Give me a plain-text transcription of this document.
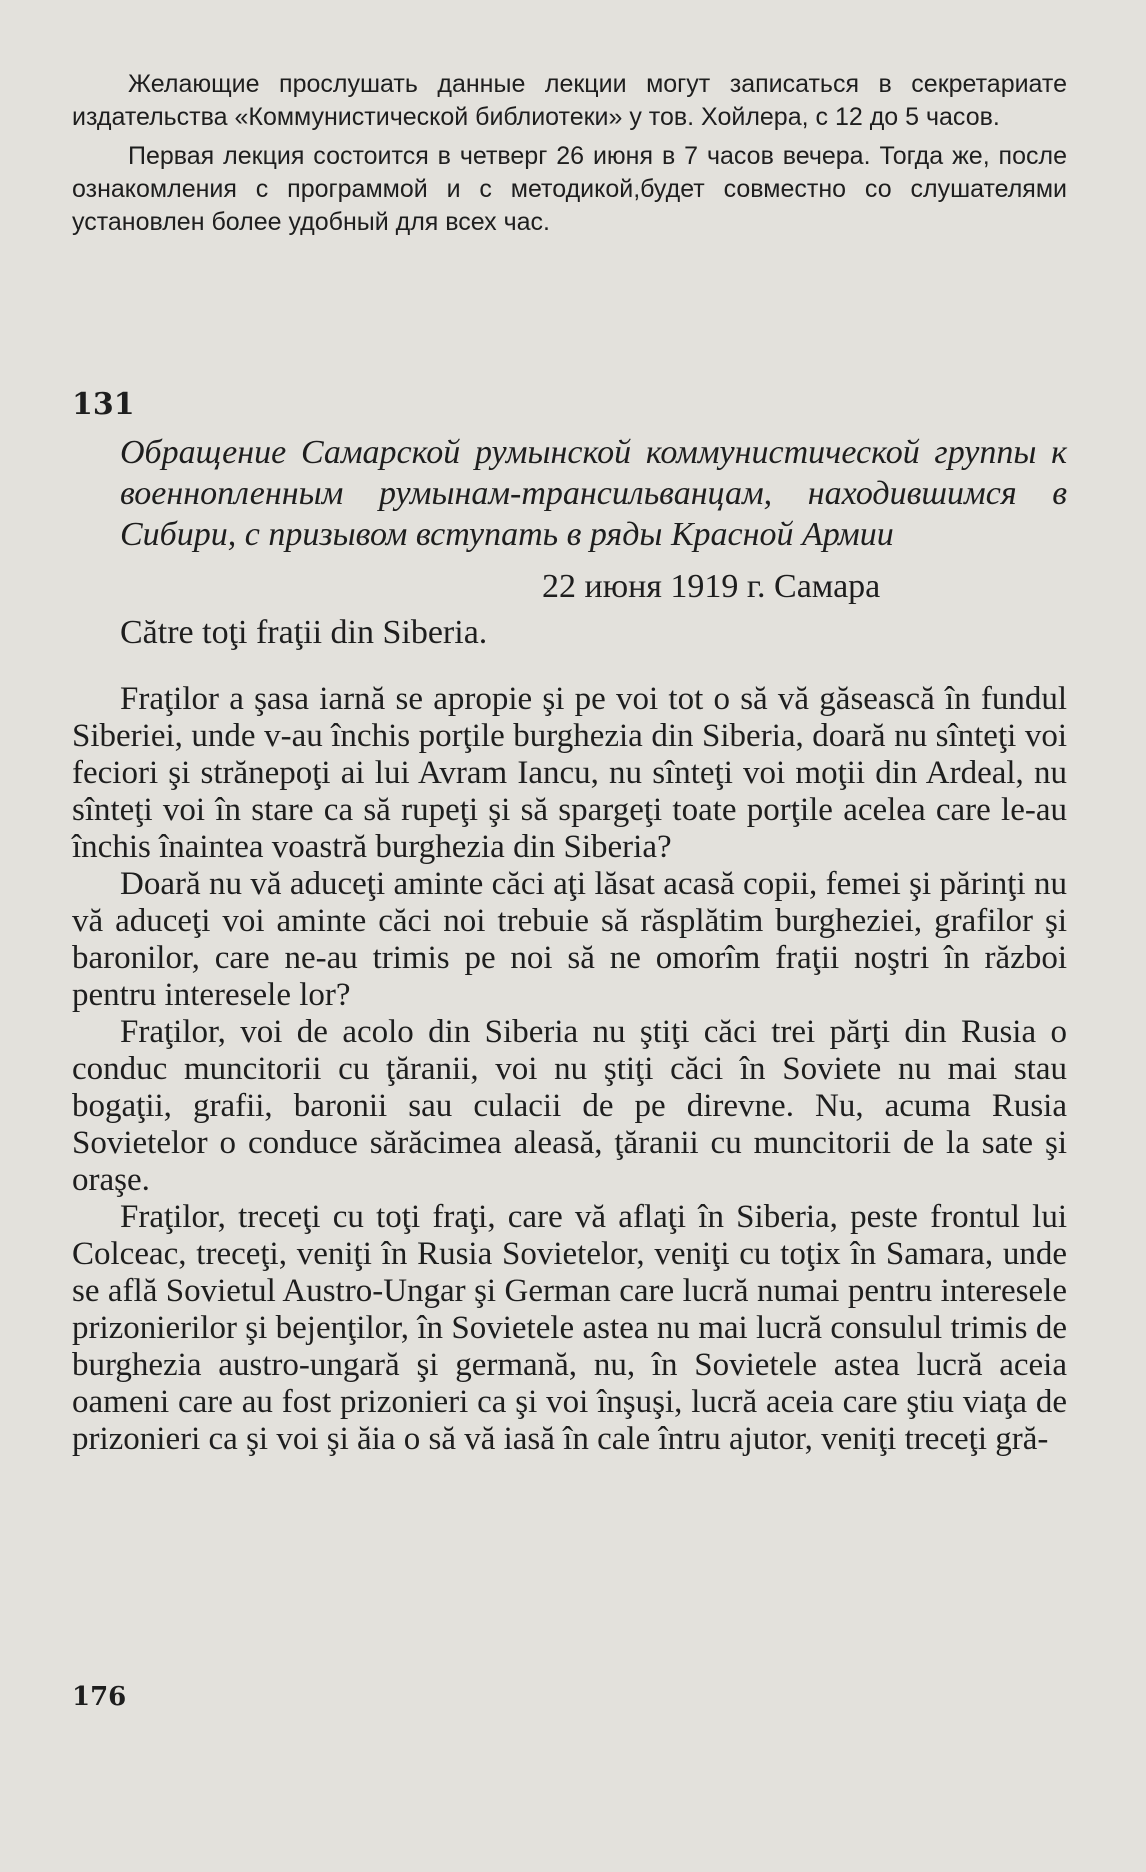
Желающие прослушать данные лекции могут записаться в секретариате издательства «Коммунистической библиотеки» у тов. Хойлера, с 12 до 5 часов.

Первая лекция состоится в четверг 26 июня в 7 часов вечера. Тогда же, после ознакомления с программой и с методикой,будет совместно со слушателями установлен более удобный для всех час.

131
Обращение Самарской румынской коммунистической группы к военнопленным румынам-трансильванцам, находившимся в Сибири, с призывом вступать в ряды Красной Армии
22 июня 1919 г. Самара
Către toţi fraţii din Siberia.

Fraţilor a şasa iarnă se apropie şi pe voi tot o să vă găsească în fundul Siberiei, unde v-au închis porţile burghezia din Siberia, doară nu sînteţi voi feciori şi strănepoţi ai lui Avram Iancu, nu sînteţi voi moţii din Ardeal, nu sînteţi voi în stare ca să rupeţi şi să spargeţi toate porţile acelea care le-au închis înaintea voastră burghezia din Siberia?

Doară nu vă aduceţi aminte căci aţi lăsat acasă copii, femei şi părinţi nu vă aduceţi voi aminte căci noi trebuie să răsplătim burgheziei, grafilor şi baronilor, care ne-au trimis pe noi să ne omorîm fraţii noştri în război pentru interesele lor?

Fraţilor, voi de acolo din Siberia nu ştiţi căci trei părţi din Rusia o conduc muncitorii cu ţăranii, voi nu ştiţi căci în Soviete nu mai stau bogaţii, grafii, baronii sau culacii de pe direvne. Nu, acuma Rusia Sovietelor o conduce sărăcimea aleasă, ţăranii cu muncitorii de la sate şi oraşe.

Fraţilor, treceţi cu toţi fraţi, care vă aflaţi în Siberia, peste frontul lui Colceac, treceţi, veniţi în Rusia Sovietelor, veniţi cu toţix în Samara, unde se află Sovietul Austro-Ungar şi German care lucră numai pentru interesele prizonierilor şi bejenţilor, în Sovietele astea nu mai lucră consulul trimis de burghezia austro-ungară şi germană, nu, în Sovietele astea lucră aceia oameni care au fost prizonieri ca şi voi înşuşi, lucră aceia care ştiu viaţa de prizonieri ca şi voi şi ăia o să vă iasă în cale întru ajutor, veniţi treceţi gră-

176
